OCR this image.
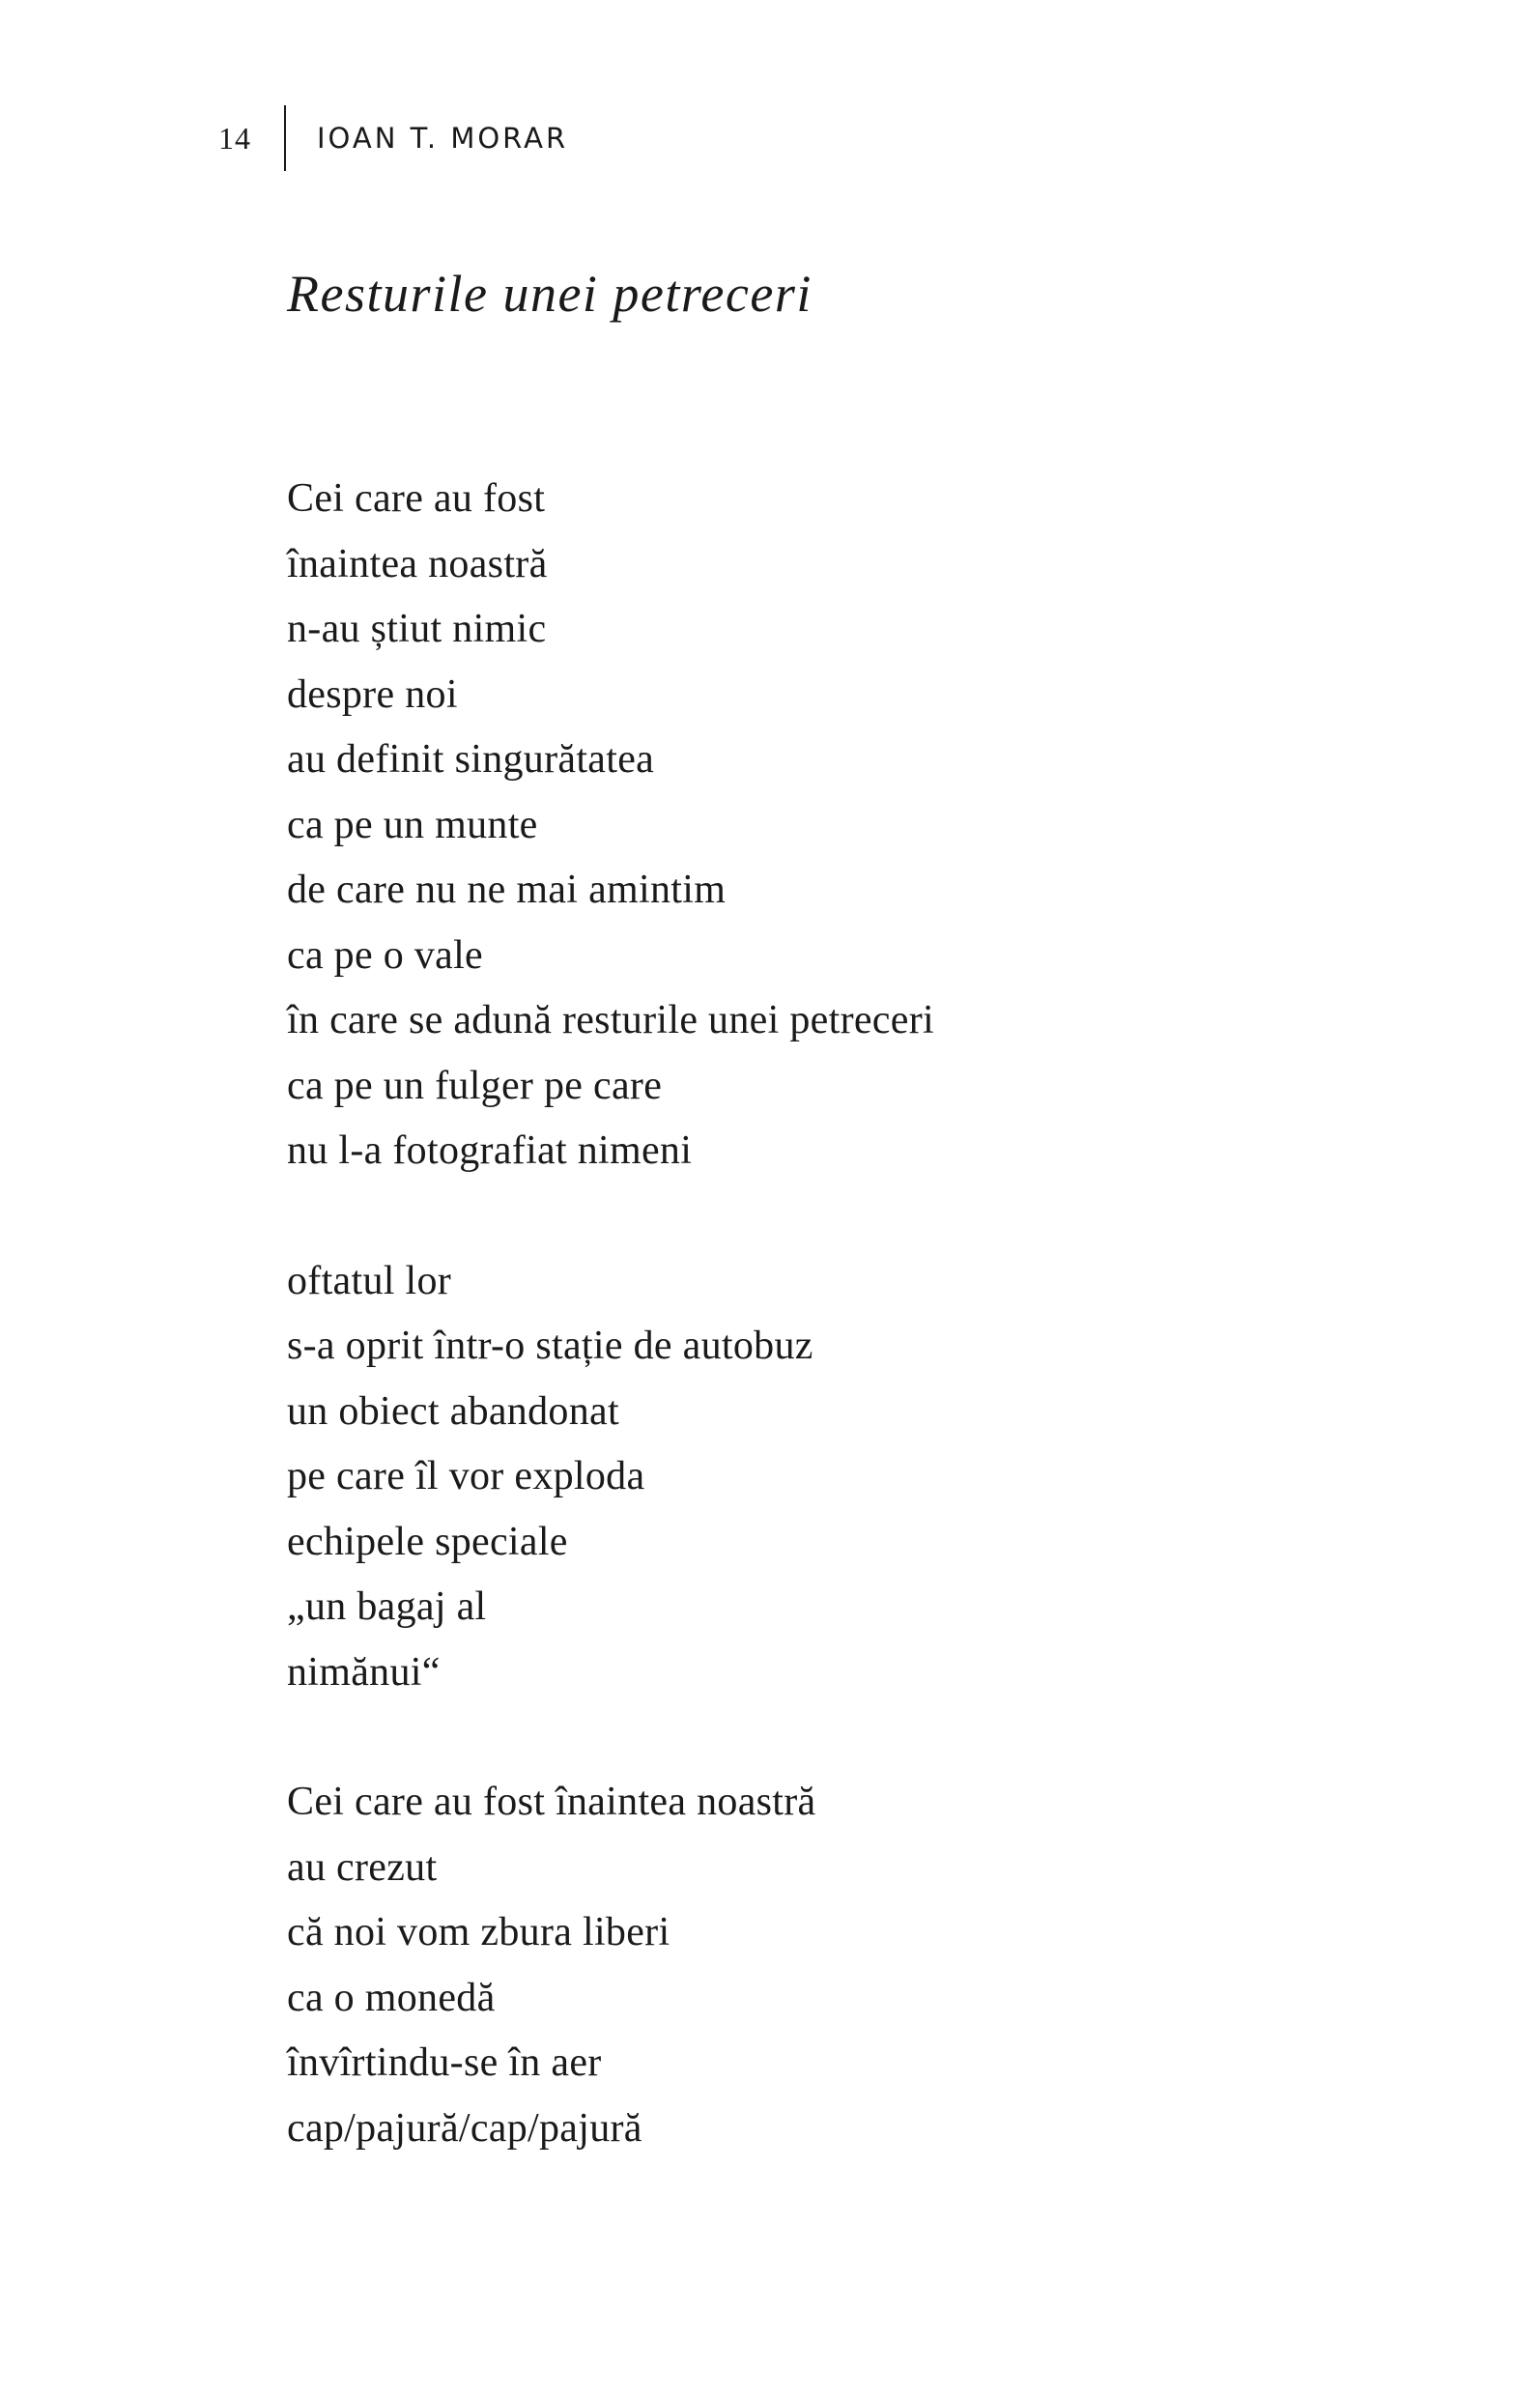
14	IOAN T. MORAR
Resturile unei petreceri

Cei care au fost
înaintea noastră
n-au știut nimic
despre noi
au definit singurătatea
ca pe un munte
de care nu ne mai amintim
ca pe o vale
în care se adună resturile unei petreceri
ca pe un fulger pe care
nu l-a fotografiat nimeni

oftatul lor
s-a oprit într-o stație de autobuz
un obiect abandonat
pe care îl vor exploda
echipele speciale
„un bagaj al
nimănui“

Cei care au fost înaintea noastră
au crezut
că noi vom zbura liberi
ca o monedă
învîrtindu-se în aer
cap/pajură/cap/pajură
